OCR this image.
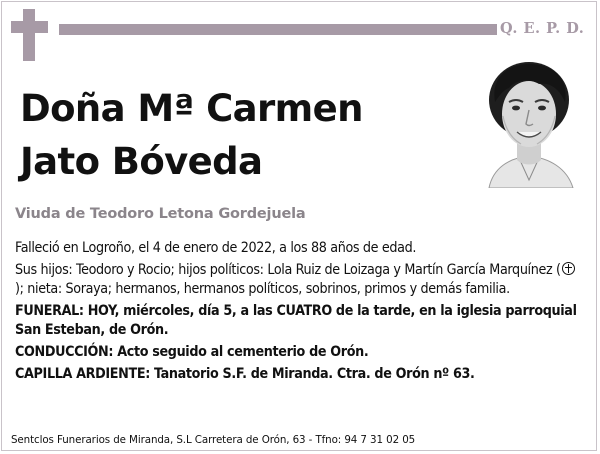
Q. E. P. D.
Doña Mª Carmen
Jato Bóveda
Viuda de Teodoro Letona Gordejuela

Falleció en Logroño, el 4 de enero de 2022, a los 88 años de edad.

Sus hijos: Teodoro y Rocio; hijos políticos: Lola Ruiz de Loizaga y Martín García Marquínez (); nieta: Soraya; hermanos, hermanos políticos, sobrinos, primos y demás familia.

FUNERAL: HOY, miércoles, día 5, a las CUATRO de la tarde, en la iglesia parroquial San Esteban, de Orón.

CONDUCCIÓN: Acto seguido al cementerio de Orón.

CAPILLA ARDIENTE: Tanatorio S.F. de Miranda. Ctra. de Orón nº 63.

Sentclos Funerarios de Miranda, S.L Carretera de Orón, 63 - Tfno: 94 7 31 02 05
